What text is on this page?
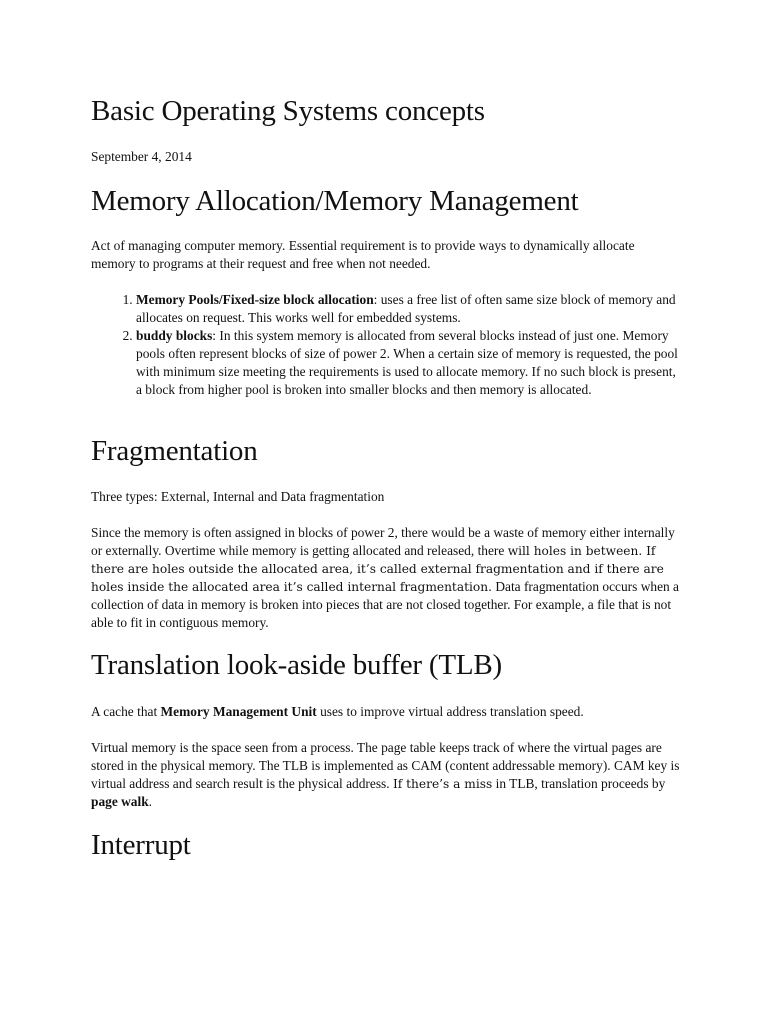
Basic Operating Systems concepts
September 4, 2014
Memory Allocation/Memory Management

Act of managing computer memory. Essential requirement is to provide ways to dynamically allocate memory to programs at their request and free when not needed.

1. Memory Pools/Fixed-size block allocation: uses a free list of often same size block of memory and allocates on request. This works well for embedded systems.
2. buddy blocks: In this system memory is allocated from several blocks instead of just one. Memory pools often represent blocks of size of power 2. When a certain size of memory is requested, the pool with minimum size meeting the requirements is used to allocate memory. If no such block is present, a block from higher pool is broken into smaller blocks and then memory is allocated.
Fragmentation

Three types: External, Internal and Data fragmentation

Since the memory is often assigned in blocks of power 2, there would be a waste of memory either internally or externally. Overtime while memory is getting allocated and released, there will holes in between. If there are holes outside the allocated area, it’s called external fragmentation and if there are holes inside the allocated area it’s called internal fragmentation. Data fragmentation occurs when a collection of data in memory is broken into pieces that are not closed together. For example, a file that is not able to fit in contiguous memory.

Translation look-aside buffer (TLB)

A cache that Memory Management Unit uses to improve virtual address translation speed.

Virtual memory is the space seen from a process. The page table keeps track of where the virtual pages are stored in the physical memory. The TLB is implemented as CAM (content addressable memory). CAM key is virtual address and search result is the physical address. If there’s a miss in TLB, translation proceeds by page walk.

Interrupt
